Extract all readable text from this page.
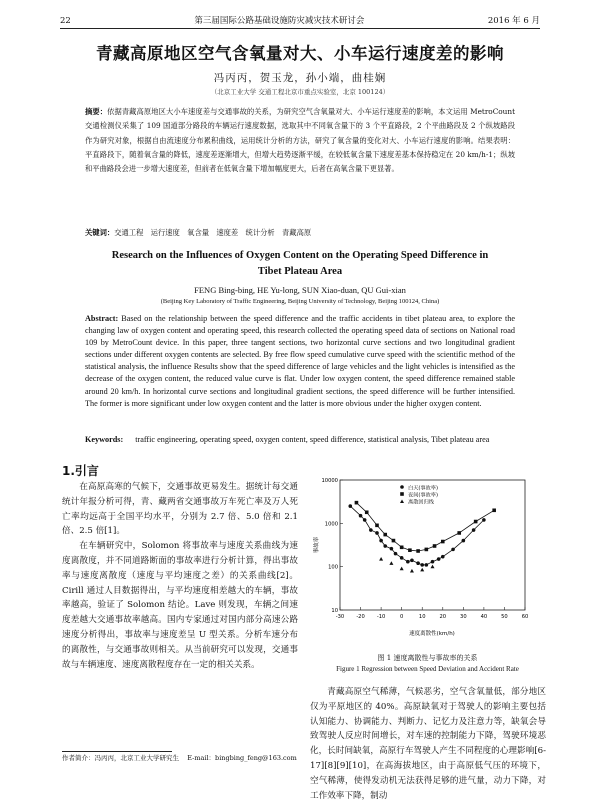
22	第三届国际公路基础设施防灾减灾技术研讨会	2016 年 6 月
青藏高原地区空气含氧量对大、小车运行速度差的影响
冯丙丙，贺玉龙，孙小端，曲桂娴
（北京工业大学 交通工程北京市重点实验室，北京 100124）
摘要：依据青藏高原地区大小车速度差与交通事故的关系，为研究空气含氧量对大、小车运行速度差的影响，本文运用 MetroCount 交通检测仪采集了 109 国道部分路段的车辆运行速度数据，选取其中不同氧含量下的 3 个平直路段，2 个平曲路段及 2 个纵坡路段作为研究对象，根据自由流速度分布累积曲线，运用统计分析的方法，研究了氧含量的变化对大、小车运行速度的影响。结果表明：平直路段下，随着氧含量的降低，速度差逐渐增大，但增大趋势逐渐平缓，在较低氧含量下速度差基本保持稳定在 20 km/h-1；纵坡和平曲路段会进一步增大速度差，但前者在低氧含量下增加幅度更大，后者在高氧含量下更显著。
关键词：交通工程　运行速度　氧含量　速度差　统计分析　青藏高原
Research on the Influences of Oxygen Content on the Operating Speed Difference in Tibet Plateau Area
FENG Bing-bing, HE Yu-long, SUN Xiao-duan, QU Gui-xian
(Beijing Key Laboratory of Traffic Engineering, Beijing University of Technology, Beijing 100124, China)
Abstract: Based on the relationship between the speed difference and the traffic accidents in tibet plateau area, to explore the changing law of oxygen content and operating speed, this research collected the operating speed data of sections on National road 109 by MetroCount device. In this paper, three tangent sections, two horizontal curve sections and two longitudinal gradient sections under different oxygen contents are selected. By free flow speed cumulative curve speed with the scientific method of the statistical analysis, the influence Results show that the speed difference of large vehicles and the light vehicles is intensified as the decrease of the oxygen content, the reduced value curve is flat. Under low oxygen content, the speed difference remained stable around 20 km/h. In horizontal curve sections and longitudinal gradient sections, the speed difference will be further intensified. The former is more significant under low oxygen content and the latter is more obvious under the higher oxygen content.
Keywords: traffic engineering, operating speed, oxygen content, speed difference, statistical analysis, Tibet plateau area
1.引言

在高原高寒的气候下，交通事故更易发生。据统计每交通统计年报分析可得，青、藏两省交通事故万车死亡率及万人死亡率均远高于全国平均水平，分别为 2.7 倍、5.0 倍和 2.1 倍、2.5 倍[1]。

在车辆研究中，Solomon 将事故率与速度关系曲线为速度离散度，并不同道路断面的事故率进行分析计算，得出事故率与速度离散度（速度与平均速度之差）的关系曲线[2]。Cirill 通过人目数据得出，与平均速度相差越大的车辆，事故率越高，验证了 Solomon 结论。Lave 则发现，车辆之间速度差越大交通事故率越高。国内专家通过对国内部分高速公路速度分析得出，事故率与速度差呈 U 型关系。分析车速分布的离散性，与交通事故则相关。从当前研究可以发现，交通事故与车辆速度、速度离散程度存在一定的相关关系。

-30 -20 -10	0	10	20	30	40	50	60
10
100
1000
10000
白天(事故率)
夜间(事故率)
离散回归线
速度离散性(km/h)
事故率
图 1 速度离散性与事故率的关系
Figure 1 Regression between Speed Deviation and Accident Rate

青藏高原空气稀薄，气候恶劣，空气含氧量低，部分地区仅为平原地区的 40%。高原缺氧对于驾驶人的影响主要包括认知能力、协调能力、判断力、记忆力及注意力等，缺氧会导致驾驶人反应时间增长，对车速的控制能力下降，驾驶环境恶化，长时间缺氧，高原行车驾驶人产生不同程度的心理影响[6-17][8][9][10]，在高海拔地区，由于高原低气压的环境下，空气稀薄，使得发动机无法获得足够的进气量，动力下降，对工作效率下降，制动

作者简介：冯丙丙，北京工业大学研究生 E-mail：bingbing_feng@163.com
